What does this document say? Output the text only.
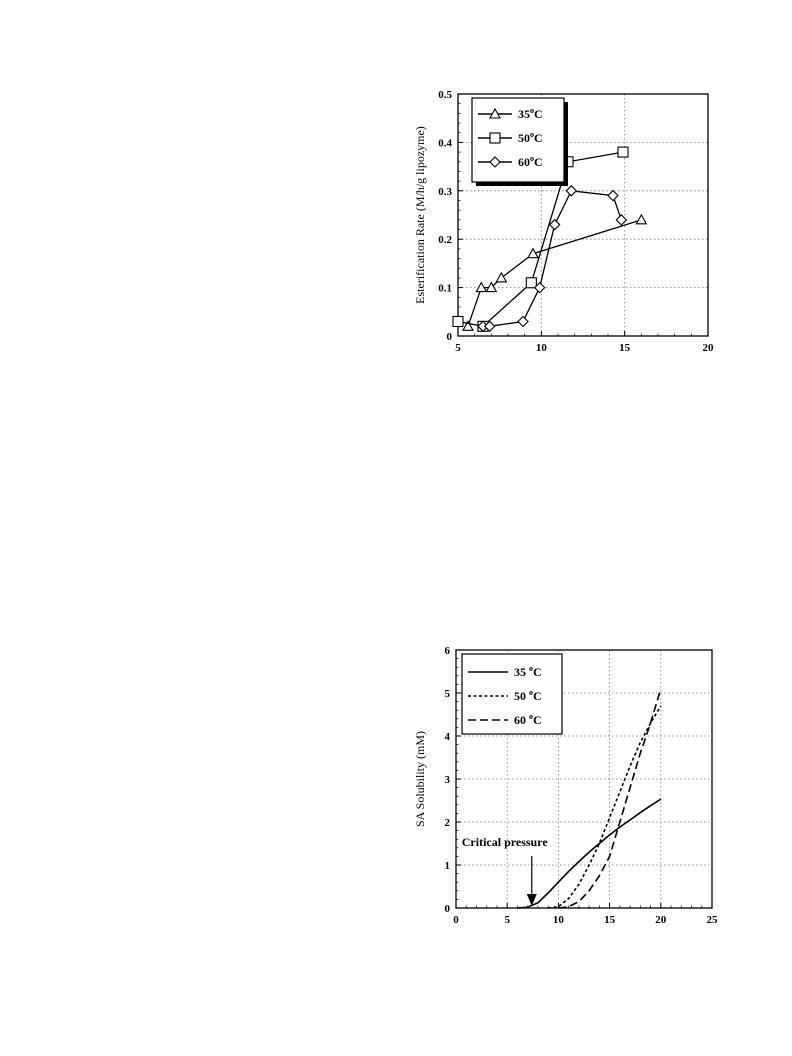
5	10	15	20
0
0.1
0.2
0.3
0.4
0.5
Esterification Rate (M/h/g lipozyme)
35$^o$C
50$^o$C
60$^o$C
0	5	10	15	20	25
0
1
2
3
4
5
6
SA Solubility (mM)
Critical pressure
35 $^o$C
50 $^o$C
60 $^o$C
